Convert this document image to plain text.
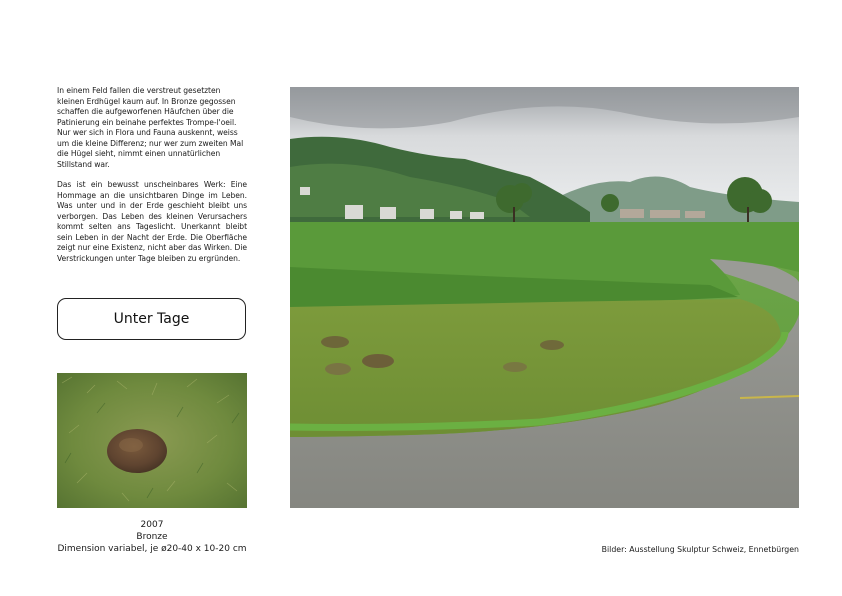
In einem Feld fallen die verstreut gesetzten kleinen Erdhügel kaum auf. In Bronze gegossen schaffen die aufgeworfenen Häufchen über die Patinierung ein beinahe perfektes Trompe-l'oeil. Nur wer sich in Flora und Fauna auskennt, weiss um die kleine Differenz; nur wer zum zweiten Mal die Hügel sieht, nimmt einen unnatürlichen Stillstand war.

Das ist ein bewusst unscheinbares Werk: Eine Hommage an die unsichtbaren Dinge im Leben. Was unter und in der Erde geschieht bleibt uns verborgen. Das Leben des kleinen Verursachers kommt selten ans Tageslicht. Unerkannt bleibt sein Leben in der Nacht der Erde. Die Oberfläche zeigt nur eine Existenz, nicht aber das Wirken. Die Verstrickungen unter Tage bleiben zu ergründen.

Unter Tage
2007
Bronze
Dimension variabel, je ø20-40 x 10-20 cm	Bilder: Ausstellung Skulptur Schweiz, Ennetbürgen
